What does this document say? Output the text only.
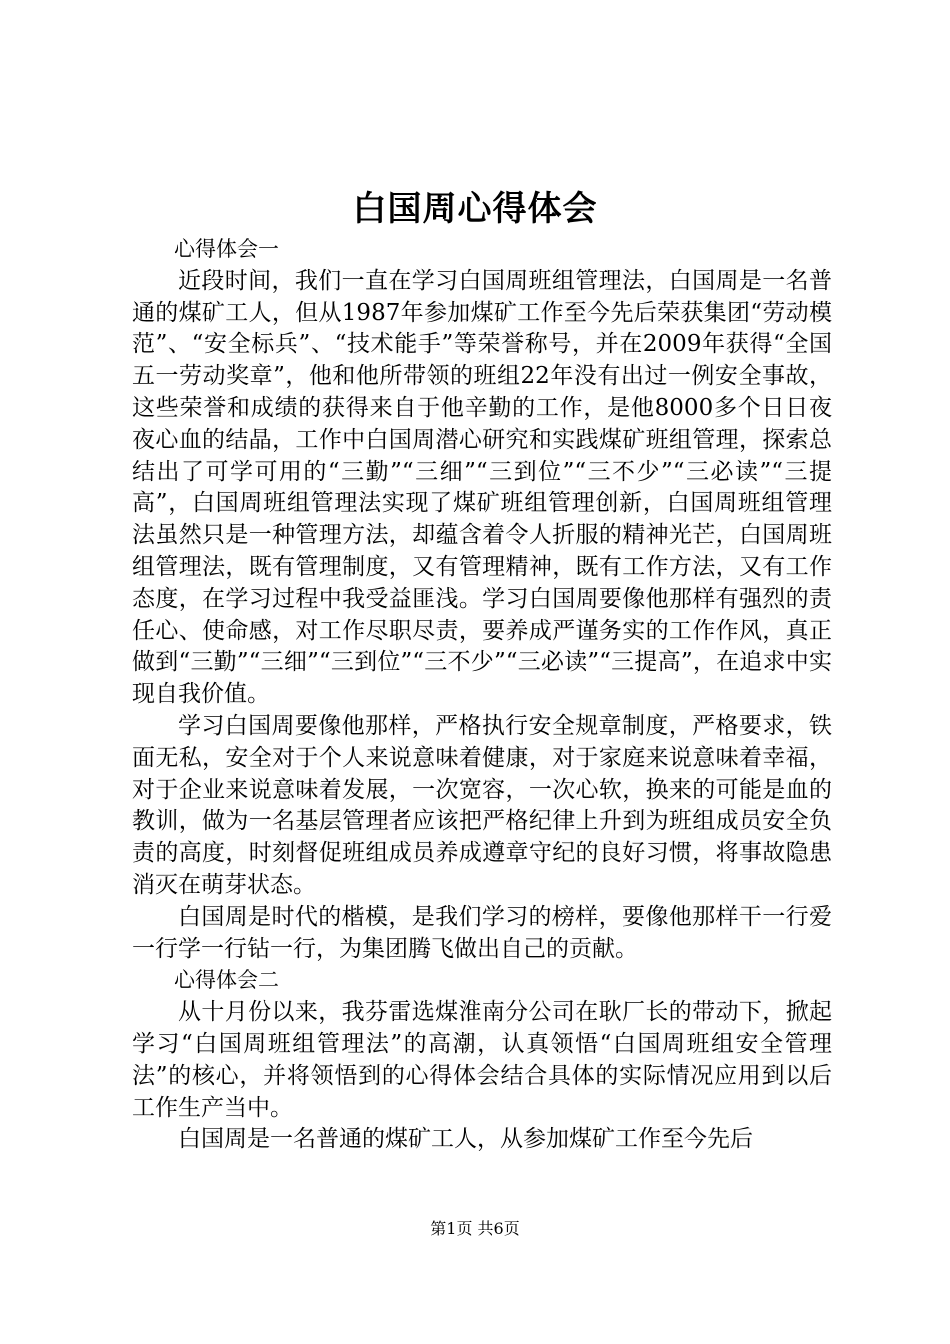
白国周心得体会

心得体会一

近段时间，我们一直在学习白国周班组管理法，白国周是一名普通的煤矿工人，但从1987年参加煤矿工作至今先后荣获集团“劳动模范”、“安全标兵”、“技术能手”等荣誉称号，并在2009年获得“全国五一劳动奖章”，他和他所带领的班组22年没有出过一例安全事故，这些荣誉和成绩的获得来自于他辛勤的工作，是他8000多个日日夜夜心血的结晶，工作中白国周潜心研究和实践煤矿班组管理，探索总结出了可学可用的“三勤”“三细”“三到位”“三不少”“三必读”“三提高”，白国周班组管理法实现了煤矿班组管理创新，白国周班组管理法虽然只是一种管理方法，却蕴含着令人折服的精神光芒，白国周班组管理法，既有管理制度，又有管理精神，既有工作方法，又有工作态度，在学习过程中我受益匪浅。学习白国周要像他那样有强烈的责任心、使命感，对工作尽职尽责，要养成严谨务实的工作作风，真正做到“三勤”“三细”“三到位”“三不少”“三必读”“三提高”，在追求中实现自我价值。

学习白国周要像他那样，严格执行安全规章制度，严格要求，铁面无私，安全对于个人来说意味着健康，对于家庭来说意味着幸福，对于企业来说意味着发展，一次宽容，一次心软，换来的可能是血的教训，做为一名基层管理者应该把严格纪律上升到为班组成员安全负责的高度，时刻督促班组成员养成遵章守纪的良好习惯，将事故隐患消灭在萌芽状态。

白国周是时代的楷模，是我们学习的榜样，要像他那样干一行爱一行学一行钻一行，为集团腾飞做出自己的贡献。

心得体会二

从十月份以来，我芬雷选煤淮南分公司在耿厂长的带动下，掀起学习“白国周班组管理法”的高潮，认真领悟“白国周班组安全管理法”的核心，并将领悟到的心得体会结合具体的实际情况应用到以后工作生产当中。

白国周是一名普通的煤矿工人，从参加煤矿工作至今先后

第1页 共6页
